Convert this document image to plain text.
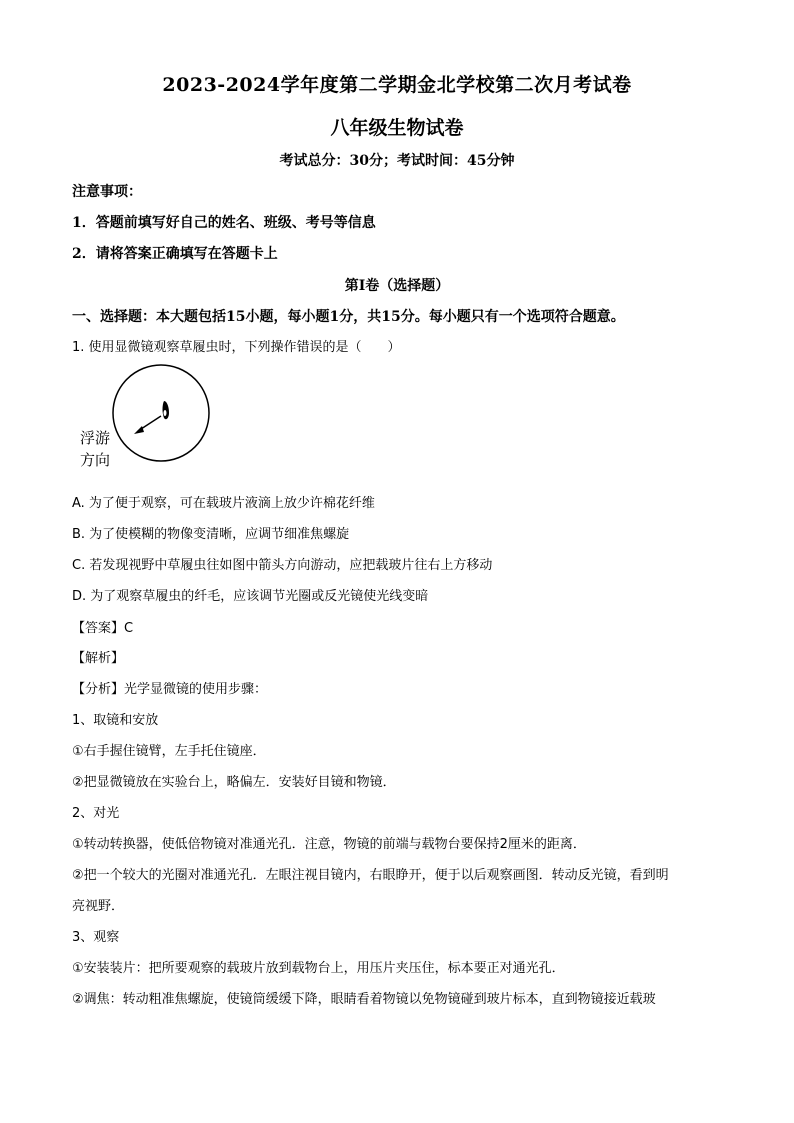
2023-2024学年度第二学期金北学校第二次月考试卷
八年级生物试卷
考试总分：30分；考试时间：45分钟
注意事项：
1．答题前填写好自己的姓名、班级、考号等信息
2．请将答案正确填写在答题卡上
第I卷（选择题）
一、选择题：本大题包括15小题，每小题1分，共15分。每小题只有一个选项符合题意。
1. 使用显微镜观察草履虫时，下列操作错误的是（　　）
浮游
方向
A. 为了便于观察，可在载玻片液滴上放少许棉花纤维
B. 为了使模糊的物像变清晰，应调节细准焦螺旋
C. 若发现视野中草履虫往如图中箭头方向游动，应把载玻片往右上方移动
D. 为了观察草履虫的纤毛，应该调节光圈或反光镜使光线变暗
【答案】C
【解析】
【分析】光学显微镜的使用步骤：
1、取镜和安放
①右手握住镜臂，左手托住镜座．
②把显微镜放在实验台上，略偏左．安装好目镜和物镜．
2、对光
①转动转换器，使低倍物镜对准通光孔．注意，物镜的前端与载物台要保持2厘米的距离．
②把一个较大的光圈对准通光孔．左眼注视目镜内，右眼睁开，便于以后观察画图．转动反光镜，看到明
亮视野．
3、观察
①安装装片：把所要观察的载玻片放到载物台上，用压片夹压住，标本要正对通光孔．
②调焦：转动粗准焦螺旋，使镜筒缓缓下降，眼睛看着物镜以免物镜碰到玻片标本，直到物镜接近载玻
